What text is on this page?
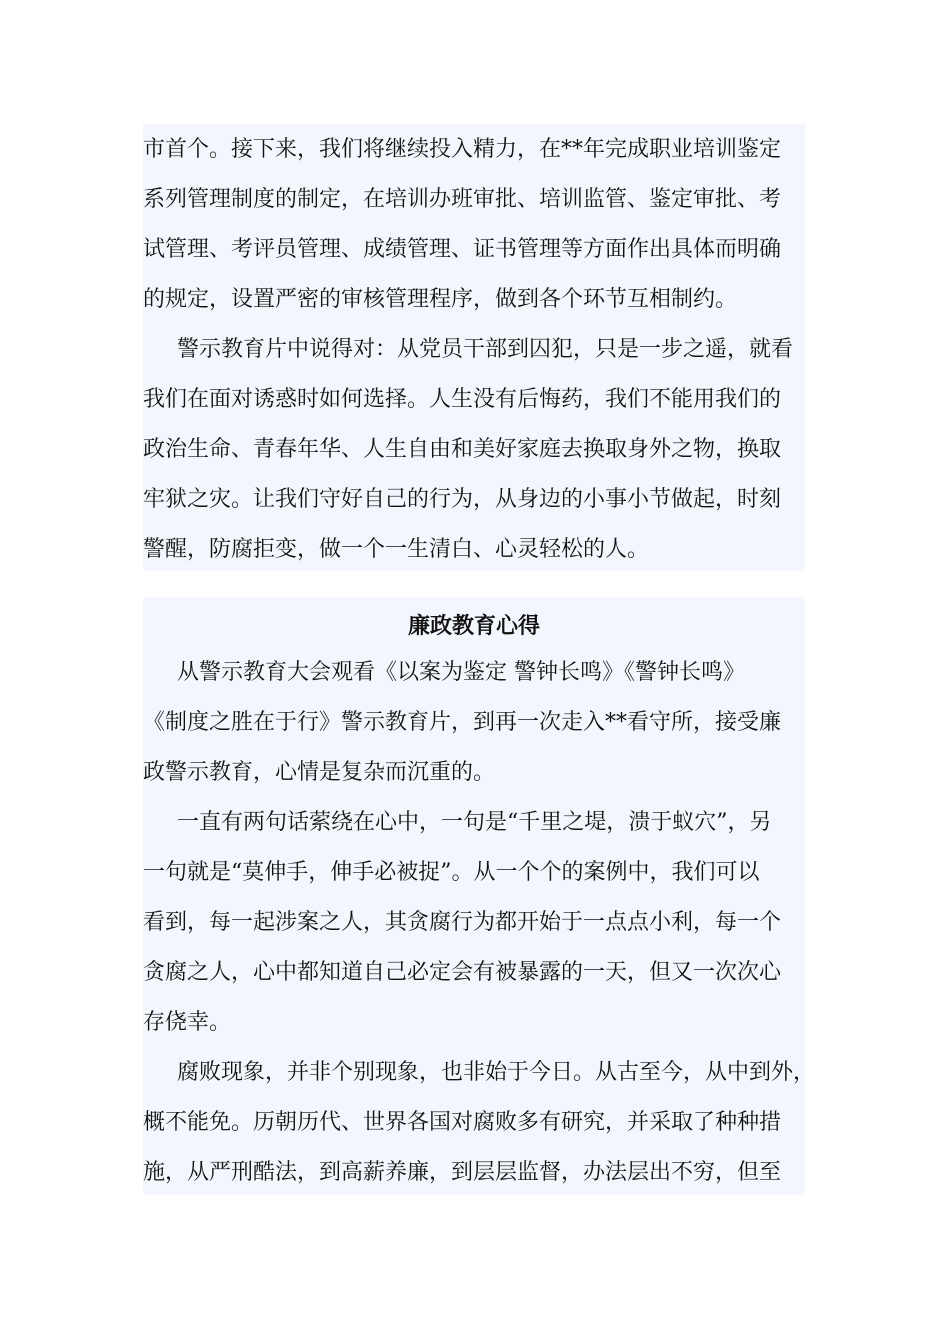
市首个。接下来，我们将继续投入精力，在**年完成职业培训鉴定
系列管理制度的制定，在培训办班审批、培训监管、鉴定审批、考
试管理、考评员管理、成绩管理、证书管理等方面作出具体而明确
的规定，设置严密的审核管理程序，做到各个环节互相制约。
警示教育片中说得对：从党员干部到囚犯，只是一步之遥，就看
我们在面对诱惑时如何选择。人生没有后悔药，我们不能用我们的
政治生命、青春年华、人生自由和美好家庭去换取身外之物，换取
牢狱之灾。让我们守好自己的行为，从身边的小事小节做起，时刻
警醒，防腐拒变，做一个一生清白、心灵轻松的人。
廉政教育心得
从警示教育大会观看《以案为鉴定 警钟长鸣》《警钟长鸣》
《制度之胜在于行》警示教育片，到再一次走入**看守所，接受廉
政警示教育，心情是复杂而沉重的。
一直有两句话萦绕在心中，一句是“千里之堤，溃于蚁穴”，另
一句就是“莫伸手，伸手必被捉”。从一个个的案例中，我们可以
看到，每一起涉案之人，其贪腐行为都开始于一点点小利，每一个
贪腐之人，心中都知道自己必定会有被暴露的一天，但又一次次心
存侥幸。
腐败现象，并非个别现象，也非始于今日。从古至今，从中到外，
概不能免。历朝历代、世界各国对腐败多有研究，并采取了种种措
施，从严刑酷法，到高薪养廉，到层层监督，办法层出不穷，但至
